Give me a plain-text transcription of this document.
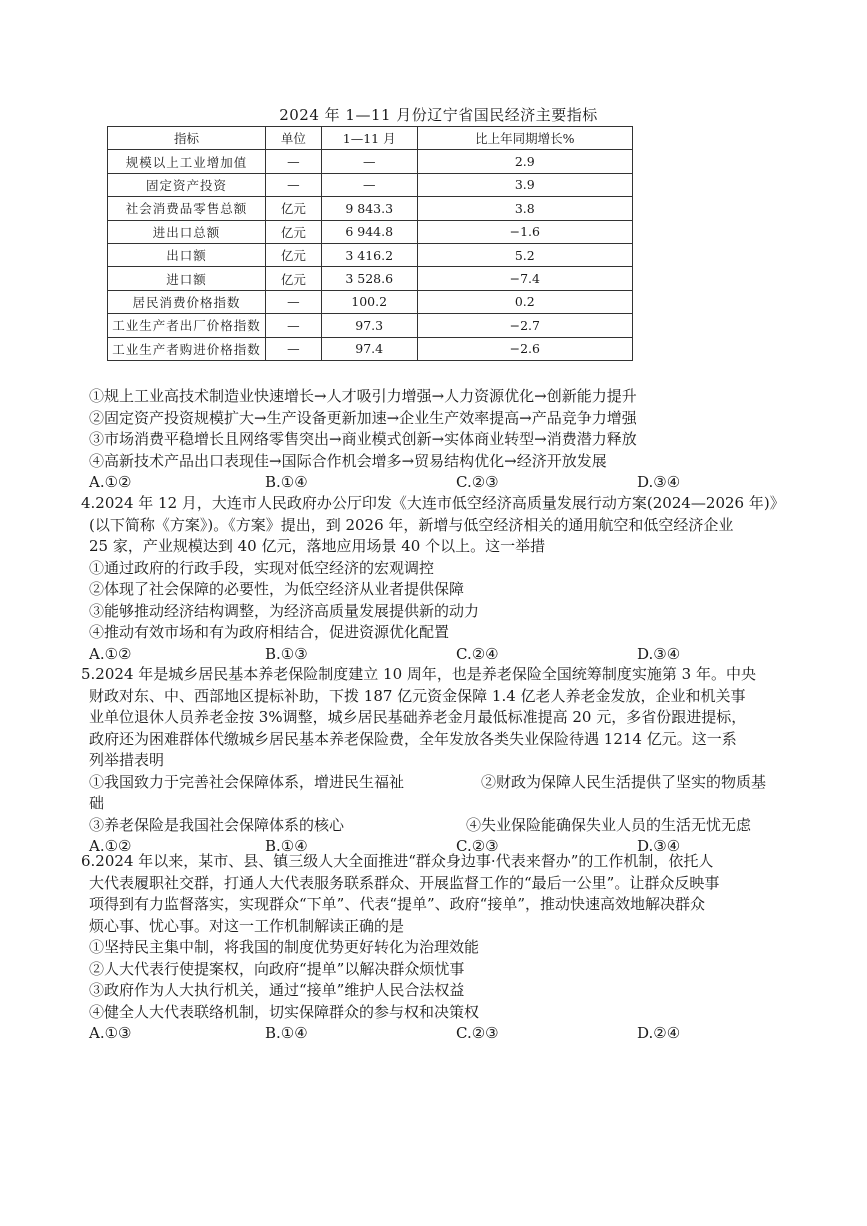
2024 年 1—11 月份辽宁省国民经济主要指标
指标	单位	1—11 月	比上年同期增长%
规模以上工业增加值	—	—	2.9
固定资产投资	—	—	3.9
社会消费品零售总额	亿元	9 843.3	3.8
进出口总额	亿元	6 944.8	−1.6
出口额	亿元	3 416.2	5.2
进口额	亿元	3 528.6	−7.4
居民消费价格指数	—	100.2	0.2
工业生产者出厂价格指数	—	97.3	−2.7
工业生产者购进价格指数	—	97.4	−2.6
①规上工业高技术制造业快速增长→人才吸引力增强→人力资源优化→创新能力提升
②固定资产投资规模扩大→生产设备更新加速→企业生产效率提高→产品竞争力增强
③市场消费平稳增长且网络零售突出→商业模式创新→实体商业转型→消费潜力释放
④高新技术产品出口表现佳→国际合作机会增多→贸易结构优化→经济开放发展
A.①②	B.①④	C.②③	D.③④
4.2024 年 12 月，大连市人民政府办公厅印发《大连市低空经济高质量发展行动方案(2024—2026 年)》
(以下简称《方案》)。《方案》提出，到 2026 年，新增与低空经济相关的通用航空和低空经济企业
25 家，产业规模达到 40 亿元，落地应用场景 40 个以上。这一举措
①通过政府的行政手段，实现对低空经济的宏观调控
②体现了社会保障的必要性，为低空经济从业者提供保障
③能够推动经济结构调整，为经济高质量发展提供新的动力
④推动有效市场和有为政府相结合，促进资源优化配置
A.①②	B.①③	C.②④	D.③④
5.2024 年是城乡居民基本养老保险制度建立 10 周年，也是养老保险全国统筹制度实施第 3 年。中央
财政对东、中、西部地区提标补助，下拨 187 亿元资金保障 1.4 亿老人养老金发放，企业和机关事
业单位退休人员养老金按 3%调整，城乡居民基础养老金月最低标准提高 20 元，多省份跟进提标，
政府还为困难群体代缴城乡居民基本养老保险费，全年发放各类失业保险待遇 1214 亿元。这一系
列举措表明
①我国致力于完善社会保障体系，增进民生福祉	②财政为保障人民生活提供了坚实的物质基
础
③养老保险是我国社会保障体系的核心	④失业保险能确保失业人员的生活无忧无虑
A.①②	B.①④	C.②③	D.③④
6.2024 年以来，某市、县、镇三级人大全面推进“群众身边事·代表来督办”的工作机制，依托人
大代表履职社交群，打通人大代表服务联系群众、开展监督工作的“最后一公里”。让群众反映事
项得到有力监督落实，实现群众“下单”、代表“提单”、政府“接单”，推动快速高效地解决群众
烦心事、忧心事。对这一工作机制解读正确的是
①坚持民主集中制，将我国的制度优势更好转化为治理效能
②人大代表行使提案权，向政府“提单”以解决群众烦忧事
③政府作为人大执行机关，通过“接单”维护人民合法权益
④健全人大代表联络机制，切实保障群众的参与权和决策权
A.①③	B.①④	C.②③	D.②④
